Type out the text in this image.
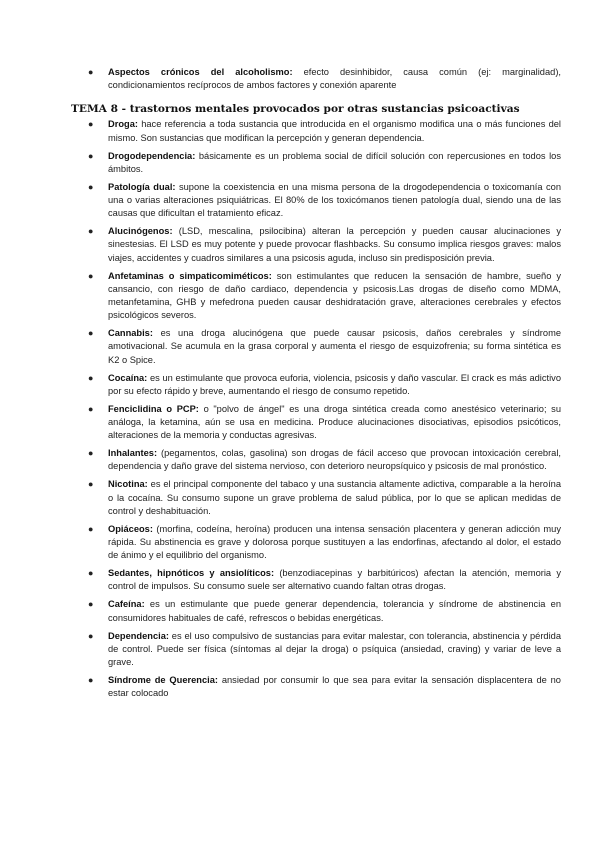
● Aspectos crónicos del alcoholismo: efecto desinhibidor, causa común (ej: marginalidad), condicionamientos recíprocos de ambos factores y conexión aparente
TEMA 8 - trastornos mentales provocados por otras sustancias psicoactivas
● Droga: hace referencia a toda sustancia que introducida en el organismo modifica una o más funciones del mismo. Son sustancias que modifican la percepción y generan dependencia.
● Drogodependencia: básicamente es un problema social de difícil solución con repercusiones en todos los ámbitos.
● Patología dual: supone la coexistencia en una misma persona de la drogodependencia o toxicomanía con una o varias alteraciones psiquiátricas. El 80% de los toxicómanos tienen patología dual, siendo una de las causas que dificultan el tratamiento eficaz.
● Alucinógenos: (LSD, mescalina, psilocibina) alteran la percepción y pueden causar alucinaciones y sinestesias. El LSD es muy potente y puede provocar flashbacks. Su consumo implica riesgos graves: malos viajes, accidentes y cuadros similares a una psicosis aguda, incluso sin predisposición previa.
● Anfetaminas o simpaticomiméticos: son estimulantes que reducen la sensación de hambre, sueño y cansancio, con riesgo de daño cardiaco, dependencia y psicosis.Las drogas de diseño como MDMA, metanfetamina, GHB y mefedrona pueden causar deshidratación grave, alteraciones cerebrales y efectos psicológicos severos.
● Cannabis: es una droga alucinógena que puede causar psicosis, daños cerebrales y síndrome amotivacional. Se acumula en la grasa corporal y aumenta el riesgo de esquizofrenia; su forma sintética es K2 o Spice.
● Cocaína: es un estimulante que provoca euforia, violencia, psicosis y daño vascular. El crack es más adictivo por su efecto rápido y breve, aumentando el riesgo de consumo repetido.
● Fenciclidina o PCP: o "polvo de ángel" es una droga sintética creada como anestésico veterinario; su análoga, la ketamina, aún se usa en medicina. Produce alucinaciones disociativas, episodios psicóticos, alteraciones de la memoria y conductas agresivas.
● Inhalantes: (pegamentos, colas, gasolina) son drogas de fácil acceso que provocan intoxicación cerebral, dependencia y daño grave del sistema nervioso, con deterioro neuropsíquico y psicosis de mal pronóstico.
● Nicotina: es el principal componente del tabaco y una sustancia altamente adictiva, comparable a la heroína o la cocaína. Su consumo supone un grave problema de salud pública, por lo que se aplican medidas de control y deshabituación.
● Opiáceos: (morfina, codeína, heroína) producen una intensa sensación placentera y generan adicción muy rápida. Su abstinencia es grave y dolorosa porque sustituyen a las endorfinas, afectando al dolor, el estado de ánimo y el equilibrio del organismo.
● Sedantes, hipnóticos y ansiolíticos: (benzodiacepinas y barbitúricos) afectan la atención, memoria y control de impulsos. Su consumo suele ser alternativo cuando faltan otras drogas.
● Cafeína: es un estimulante que puede generar dependencia, tolerancia y síndrome de abstinencia en consumidores habituales de café, refrescos o bebidas energéticas.
● Dependencia: es el uso compulsivo de sustancias para evitar malestar, con tolerancia, abstinencia y pérdida de control. Puede ser física (síntomas al dejar la droga) o psíquica (ansiedad, craving) y variar de leve a grave.
● Síndrome de Querencia: ansiedad por consumir lo que sea para evitar la sensación displacentera de no estar colocado
